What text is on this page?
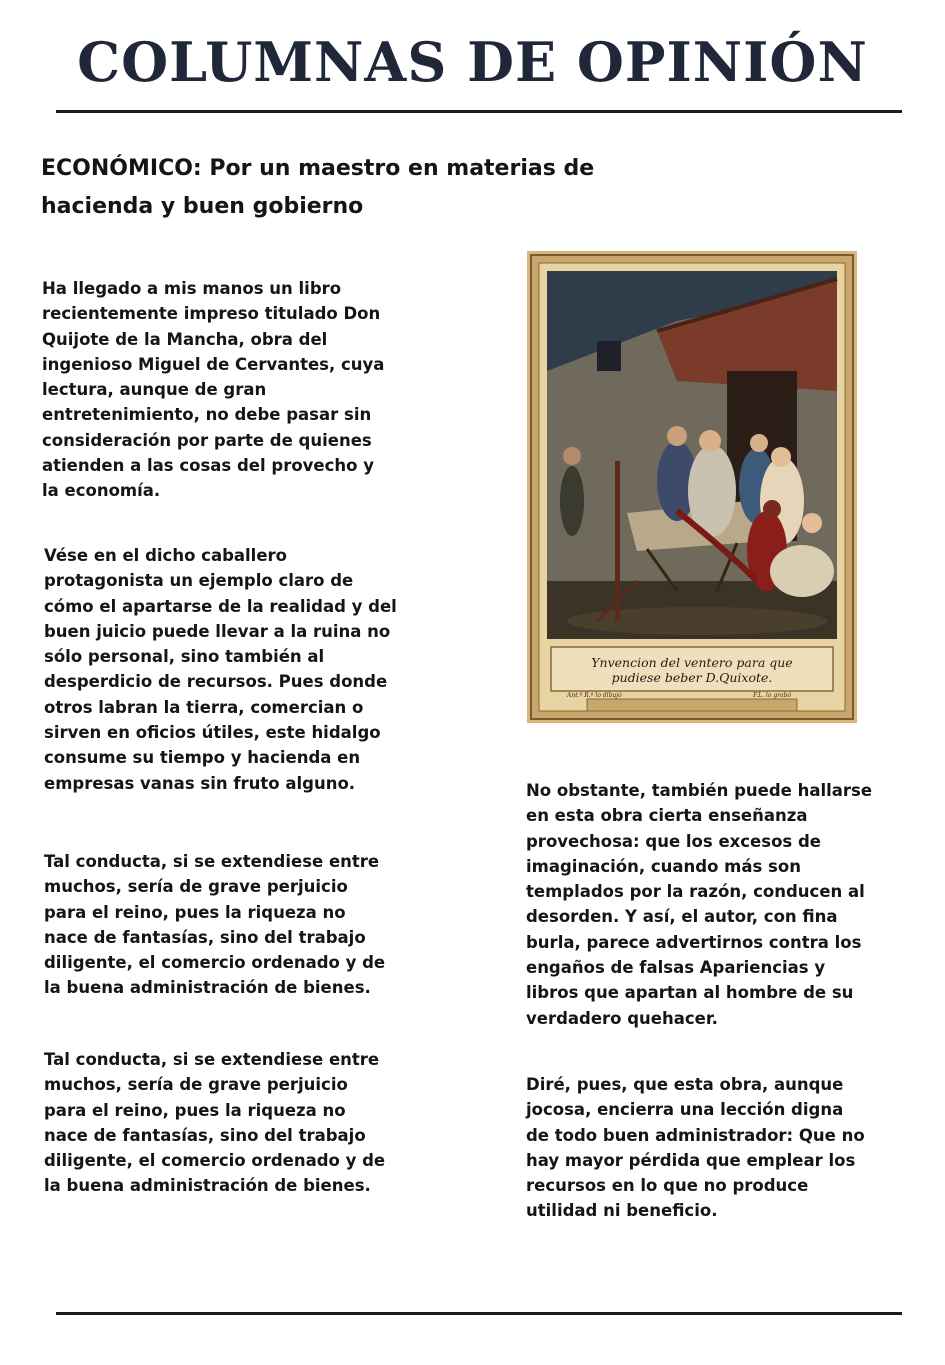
COLUMNAS DE OPINIÓN
ECONÓMICO: Por un maestro en materias de hacienda y buen gobierno

Ha llegado a mis manos un libro recientemente impreso titulado Don Quijote de la Mancha, obra del ingenioso Miguel de Cervantes, cuya lectura, aunque de gran entretenimiento, no debe pasar sin consideración por parte de quienes atienden a las cosas del provecho y la economía.

Vése en el dicho caballero protagonista un ejemplo claro de cómo el apartarse de la realidad y del buen juicio puede llevar a la ruina no sólo personal, sino también al desperdicio de recursos. Pues donde otros labran la tierra, comercian o sirven en oficios útiles, este hidalgo consume su tiempo y hacienda en empresas vanas sin fruto alguno.

Tal conducta, si se extendiese entre muchos, sería de grave perjuicio para el reino, pues la riqueza no nace de fantasías, sino del trabajo diligente, el comercio ordenado y de la buena administración de bienes.

Tal conducta, si se extendiese entre muchos, sería de grave perjuicio para el reino, pues la riqueza no nace de fantasías, sino del trabajo diligente, el comercio ordenado y de la buena administración de bienes.

Ynvencion del ventero para que
pudiese beber D.Quixote.
Ant.º R.º lo dibujó	F.L. lo grabó

No obstante, también puede hallarse en esta obra cierta enseñanza provechosa: que los excesos de imaginación, cuando más son templados por la razón, conducen al desorden. Y así, el autor, con fina burla, parece advertirnos contra los engaños de falsas Apariencias y libros que apartan al hombre de su verdadero quehacer.

Diré, pues, que esta obra, aunque jocosa, encierra una lección digna de todo buen administrador: Que no hay mayor pérdida que emplear los recursos en lo que no produce utilidad ni beneficio.
